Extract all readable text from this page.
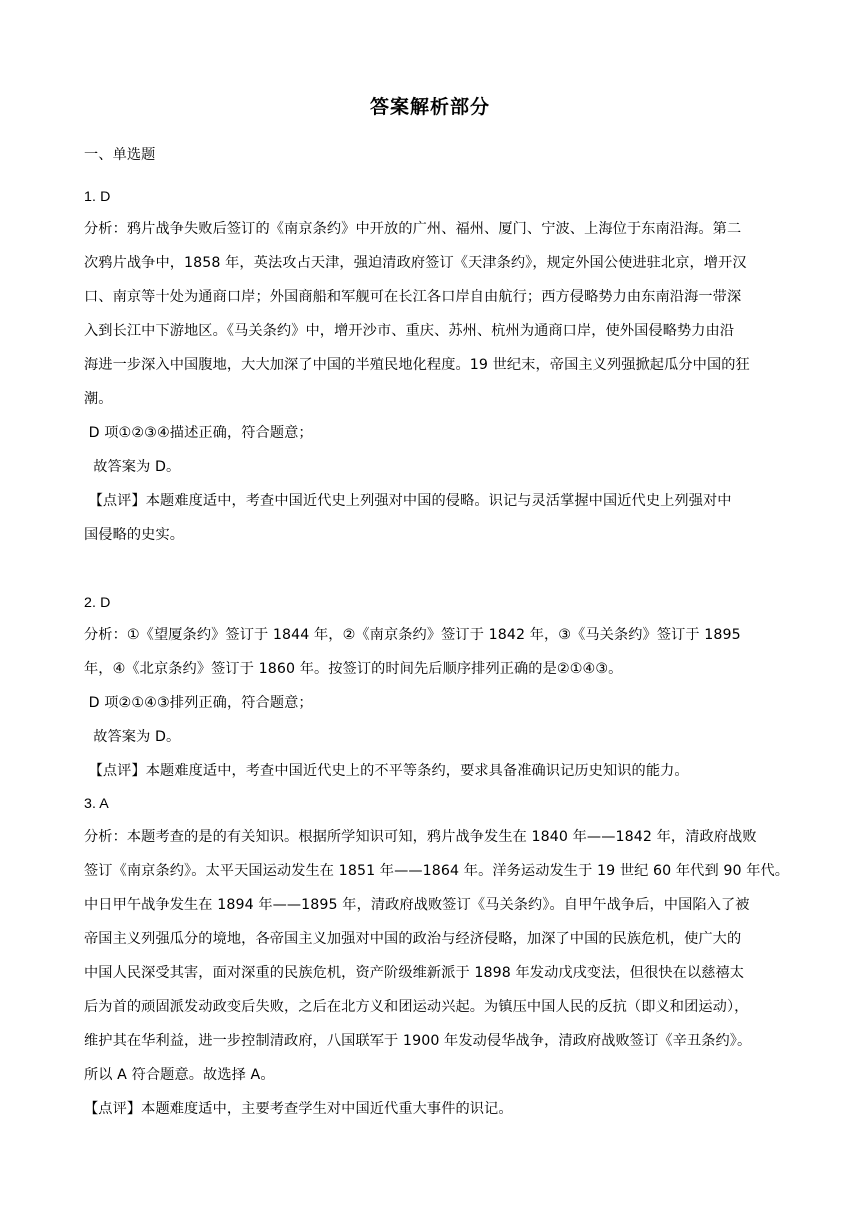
答案解析部分
一、单选题
1. D
分析：鸦片战争失败后签订的《南京条约》中开放的广州、福州、厦门、宁波、上海位于东南沿海。第二
次鸦片战争中，1858 年，英法攻占天津，强迫清政府签订《天津条约》，规定外国公使进驻北京，增开汉
口、南京等十处为通商口岸；外国商船和军舰可在长江各口岸自由航行；西方侵略势力由东南沿海一带深
入到长江中下游地区。《马关条约》中，增开沙市、重庆、苏州、杭州为通商口岸，使外国侵略势力由沿
海进一步深入中国腹地，大大加深了中国的半殖民地化程度。19 世纪末，帝国主义列强掀起瓜分中国的狂
潮。
D 项①②③④描述正确，符合题意；
故答案为 D。
【点评】本题难度适中，考查中国近代史上列强对中国的侵略。识记与灵活掌握中国近代史上列强对中
国侵略的史实。
2. D
分析：①《望厦条约》签订于 1844 年，②《南京条约》签订于 1842 年，③《马关条约》签订于 1895
年，④《北京条约》签订于 1860 年。按签订的时间先后顺序排列正确的是②①④③。
D 项②①④③排列正确，符合题意；
故答案为 D。
【点评】本题难度适中，考查中国近代史上的不平等条约，要求具备准确识记历史知识的能力。
3. A
分析：本题考查的是的有关知识。根据所学知识可知，鸦片战争发生在 1840 年——1842 年，清政府战败
签订《南京条约》。太平天国运动发生在 1851 年——1864 年。洋务运动发生于 19 世纪 60 年代到 90 年代。
中日甲午战争发生在 1894 年——1895 年，清政府战败签订《马关条约》。自甲午战争后，中国陷入了被
帝国主义列强瓜分的境地，各帝国主义加强对中国的政治与经济侵略，加深了中国的民族危机，使广大的
中国人民深受其害，面对深重的民族危机，资产阶级维新派于 1898 年发动戊戌变法，但很快在以慈禧太
后为首的顽固派发动政变后失败，之后在北方义和团运动兴起。为镇压中国人民的反抗（即义和团运动），
维护其在华利益，进一步控制清政府，八国联军于 1900 年发动侵华战争，清政府战败签订《辛丑条约》。
所以 A 符合题意。故选择 A。
【点评】本题难度适中，主要考查学生对中国近代重大事件的识记。
